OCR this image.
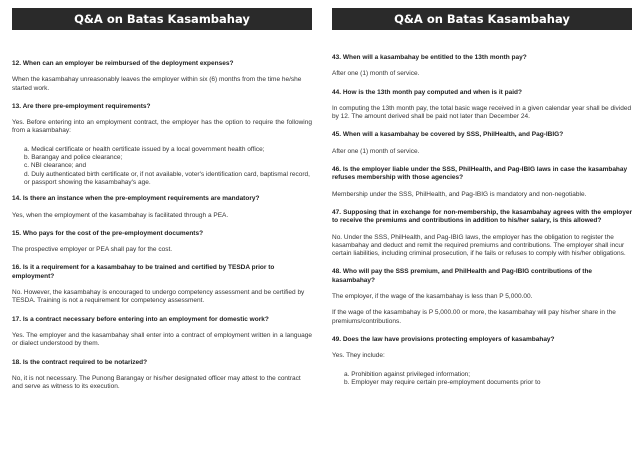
Q&A on Batas Kasambahay

12. When can an employer be reimbursed of the deployment expenses?

When the kasambahay unreasonably leaves the employer within six (6) months from the time he/she started work.

13. Are there pre-employment requirements?

Yes. Before entering into an employment contract, the employer has the option to require the following from a kasambahay:

a. Medical certificate or health certificate issued by a local government health office;
b. Barangay and police clearance;
c. NBI clearance; and
d. Duly authenticated birth certificate or, if not available, voter's identification card, baptismal record, or passport showing the kasambahay's age.

14. Is there an instance when the pre-employment requirements are mandatory?

Yes, when the employment of the kasambahay is facilitated through a PEA.

15. Who pays for the cost of the pre-employment documents?

The prospective employer or PEA shall pay for the cost.

16. Is it a requirement for a kasambahay to be trained and certified by TESDA prior to employment?

No. However, the kasambahay is encouraged to undergo competency assessment and be certified by TESDA. Training is not a requirement for competency assessment.

17. Is a contract necessary before entering into an employment for domestic work?

Yes. The employer and the kasambahay shall enter into a contract of employment written in a language or dialect understood by them.

18. Is the contract required to be notarized?

No, it is not necessary. The Punong Barangay or his/her designated officer may attest to the contract and serve as witness to its execution.

Q&A on Batas Kasambahay

43. When will a kasambahay be entitled to the 13th month pay?

After one (1) month of service.

44. How is the 13th month pay computed and when is it paid?

In computing the 13th month pay, the total basic wage received in a given calendar year shall be divided by 12. The amount derived shall be paid not later than December 24.

45. When will a kasambahay be covered by SSS, PhilHealth, and Pag-IBIG?

After one (1) month of service.

46. Is the employer liable under the SSS, PhilHealth, and Pag-IBIG laws in case the kasambahay refuses membership with those agencies?

Membership under the SSS, PhilHealth, and Pag-IBIG is mandatory and non-negotiable.

47. Supposing that in exchange for non-membership, the kasambahay agrees with the employer to receive the premiums and contributions in addition to his/her salary, is this allowed?

No. Under the SSS, PhilHealth, and Pag-IBIG laws, the employer has the obligation to register the kasambahay and deduct and remit the required premiums and contributions. The employer shall incur certain liabilities, including criminal prosecution, if he fails or refuses to comply with his/her obligations.

48. Who will pay the SSS premium, and PhilHealth and Pag-IBIG contributions of the kasambahay?

The employer, if the wage of the kasambahay is less than P 5,000.00.

If the wage of the kasambahay is P 5,000.00 or more, the kasambahay will pay his/her share in the premiums/contributions.

49. Does the law have provisions protecting employers of kasambahay?

Yes. They include:

a. Prohibition against privileged information;
b. Employer may require certain pre-employment documents prior to
